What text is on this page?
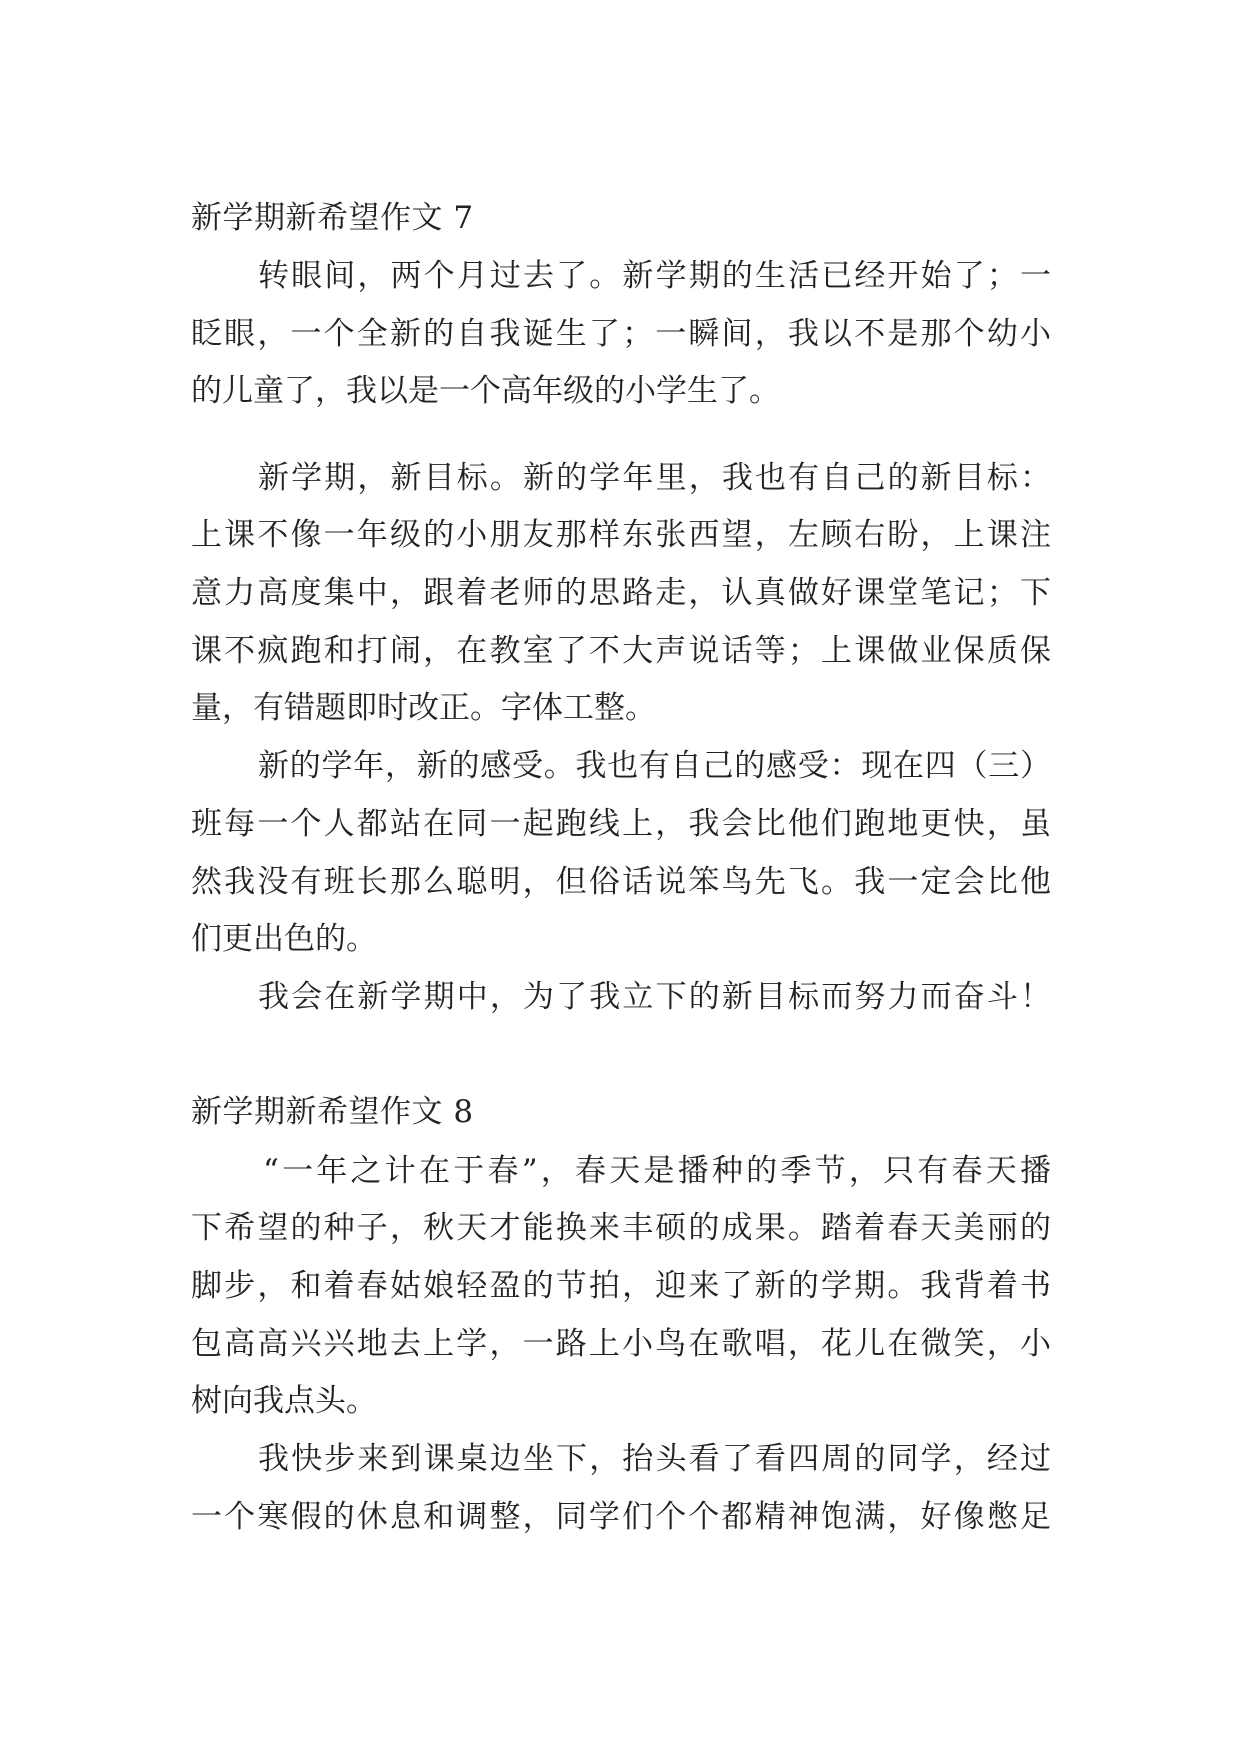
新学期新希望作文 7

转眼间，两个月过去了。新学期的生活已经开始了；一

眨眼，一个全新的自我诞生了；一瞬间，我以不是那个幼小

的儿童了，我以是一个高年级的小学生了。

新学期，新目标。新的学年里，我也有自己的新目标：

上课不像一年级的小朋友那样东张西望，左顾右盼，上课注

意力高度集中，跟着老师的思路走，认真做好课堂笔记；下

课不疯跑和打闹，在教室了不大声说话等；上课做业保质保

量，有错题即时改正。字体工整。

新的学年，新的感受。我也有自己的感受：现在四（三）

班每一个人都站在同一起跑线上，我会比他们跑地更快，虽

然我没有班长那么聪明，但俗话说笨鸟先飞。我一定会比他

们更出色的。

我会在新学期中，为了我立下的新目标而努力而奋斗！

新学期新希望作文 8

“一年之计在于春”，春天是播种的季节，只有春天播

下希望的种子，秋天才能换来丰硕的成果。踏着春天美丽的

脚步，和着春姑娘轻盈的节拍，迎来了新的学期。我背着书

包高高兴兴地去上学，一路上小鸟在歌唱，花儿在微笑，小

树向我点头。

我快步来到课桌边坐下，抬头看了看四周的同学，经过

一个寒假的休息和调整，同学们个个都精神饱满，好像憋足
